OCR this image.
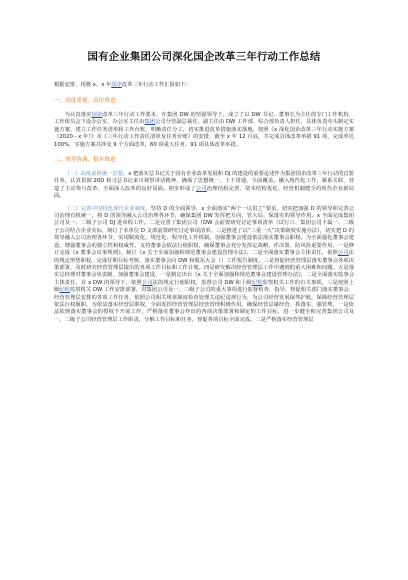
国有企业集团公司深化国企改革三年行动工作总结

根据安排，现将 x、x 年国企改革三年行动工作汇报如下：

一、高度重视，高位推进

为认真落实国企改革三年行动工作要求，在集团 DW 的坚强领导下，成立了以 DW 书记、董事长为主任的专门工作机构，工作组员会下设办公室，办公室主任由集团公司分管副总裁任，副主任由 DW 工作部、综合部负责人担任，具体负责牵头制定实施方案，建立工作任务清单和工作台账，明晰责任分工，切实推进改革措施落实落地。按照《x 深化国企改革三年行动实施方案（2020－x 年）》及《三年行动工作责任清单及任务台账》的安排，截至 x 年 12 月底，共完成具体改革举措 91 项，完成率达 100%，实施方案共涉及 9 个方面改革，60 项重大任务，91 项具体改革举措。

二、统筹协调，稳步推进

（一）高度重视统一思想。x 把落实总书记关于国有企业改革发展和 DJ 的建设的重要论述作为集团国企改革三年行动的首要任务，认真贯彻 20D 和习总书记来川视察讲话精神，确保了思想统一、上下贯通，全面覆盖。融入现代化工作，紧系关联，营造了主动参与改革、全面深入改革的良好局面。初步形成了公司治理结构完善、资本结构优化、经营机制健全的现代企业新局面。

（二）完善中国特色现代企业制度。坚持 D 的全面领导，x 全面落实“两个一以贯之”要求，切实把加强 D 的领导和完善公司治理有机统一，将 D 的领导融入公司治理各环节，确保集团 DW 发挥把方向、管大局、保落实的领导作用。x 全面完成集团公司及一、二级子公司 DJ 进章程工作。二是完善了集团公司（DW 会前置研究讨论事项清单（试行））、集团公司下属一、二级子公司结合企业实际，制订了本单位 D 支部前置研究讨论事项清单。三是推进了以“三重一大”决策制度实施办法），切实把 D 的领导融入公司治理各环节，实现制度化、规范化、程序化工作机制。加强董事会建设依法落实董事会职权。为全面强化董事会建设，增强董事会的独立性和权威性，支持董事会依法行使职权，确保董事会充分发挥定战略、作决策、防风险重要作用。一是修订完成《x 董事会议事规则》，制订《x 关于全面加强和规范董事会建设管理办法》。二是全面落实董事会主体责任，依照公司法的规定形势职权，完成任期目标考核、落实董事会向 DW 和股东大会（）工作报告制度。三是督促经营管理层落实董事会各项决策部署，及时研究经营管理层提出的各项工作目标和工作计划。四是研究解决经营管理层工作中遇到的重大困难和问题。五是落实总经理对董事会负责制，加强董事会建设，一是制定出台《x 关于全面加强和规范董事会建设管理办法》，二是全面落实监事会主体责任，在 x DW 的领导下，依照公司法的规定行使职权，监督公司 DW 和上级纪检监察机关工作的有关事项，三是按照上级纪检监察机关 DW 工作安排部署，对集团公司及一、二级子公司的重大事项进行监督检查，指导、督促相关部门落实董事会、经营管理层安排的各项工作任务，依照公司相关规章制度检查处理关违纪违规行为，为公司经营发展保驾护航，保障经营管理层依法行权履职，为依法落实经营层职权，全面发挥经营管理层经营管理积极作用，确保经营层谋经营、抓落实、强管理，一是依法依规落实董事会的授权下开展工作，严格落实董事会作出的各项决策部署和制定的工作目标，进一步健全和完善集团公司及一、二级子公司经营管理层工作职责，分解工作目标和任务，督促各项目标全面完成。二是严格落实经营管理层
